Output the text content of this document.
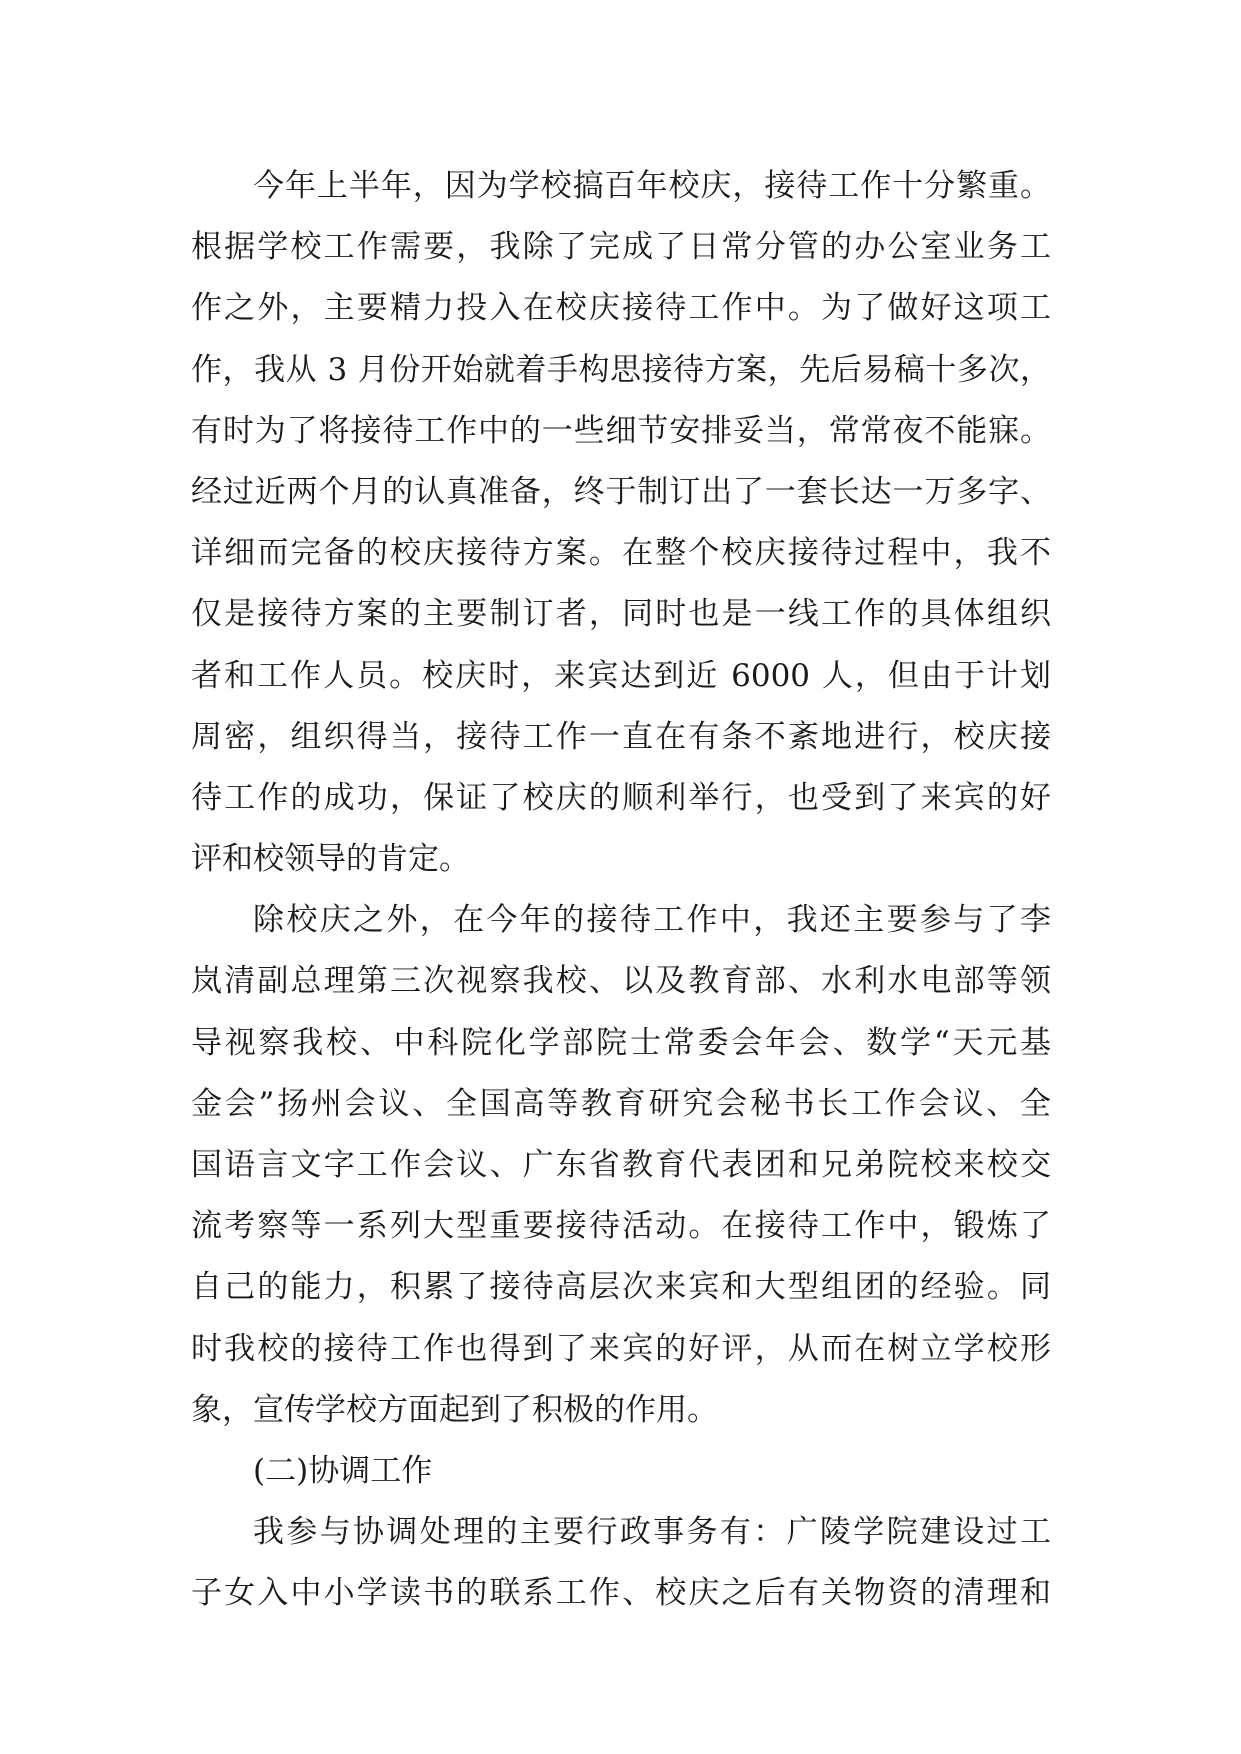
今年上半年，因为学校搞百年校庆，接待工作十分繁重。
根据学校工作需要，我除了完成了日常分管的办公室业务工
作之外，主要精力投入在校庆接待工作中。为了做好这项工
作，我从 3 月份开始就着手构思接待方案，先后易稿十多次，
有时为了将接待工作中的一些细节安排妥当，常常夜不能寐。
经过近两个月的认真准备，终于制订出了一套长达一万多字、
详细而完备的校庆接待方案。在整个校庆接待过程中，我不
仅是接待方案的主要制订者，同时也是一线工作的具体组织
者和工作人员。校庆时，来宾达到近 6000 人，但由于计划
周密，组织得当，接待工作一直在有条不紊地进行，校庆接
待工作的成功，保证了校庆的顺利举行，也受到了来宾的好
评和校领导的肯定。
除校庆之外，在今年的接待工作中，我还主要参与了李
岚清副总理第三次视察我校、以及教育部、水利水电部等领
导视察我校、中科院化学部院士常委会年会、数学“天元基
金会”扬州会议、全国高等教育研究会秘书长工作会议、全
国语言文字工作会议、广东省教育代表团和兄弟院校来校交
流考察等一系列大型重要接待活动。在接待工作中，锻炼了
自己的能力，积累了接待高层次来宾和大型组团的经验。同
时我校的接待工作也得到了来宾的好评，从而在树立学校形
象，宣传学校方面起到了积极的作用。
(二)协调工作
我参与协调处理的主要行政事务有：广陵学院建设过工
子女入中小学读书的联系工作、校庆之后有关物资的清理和
